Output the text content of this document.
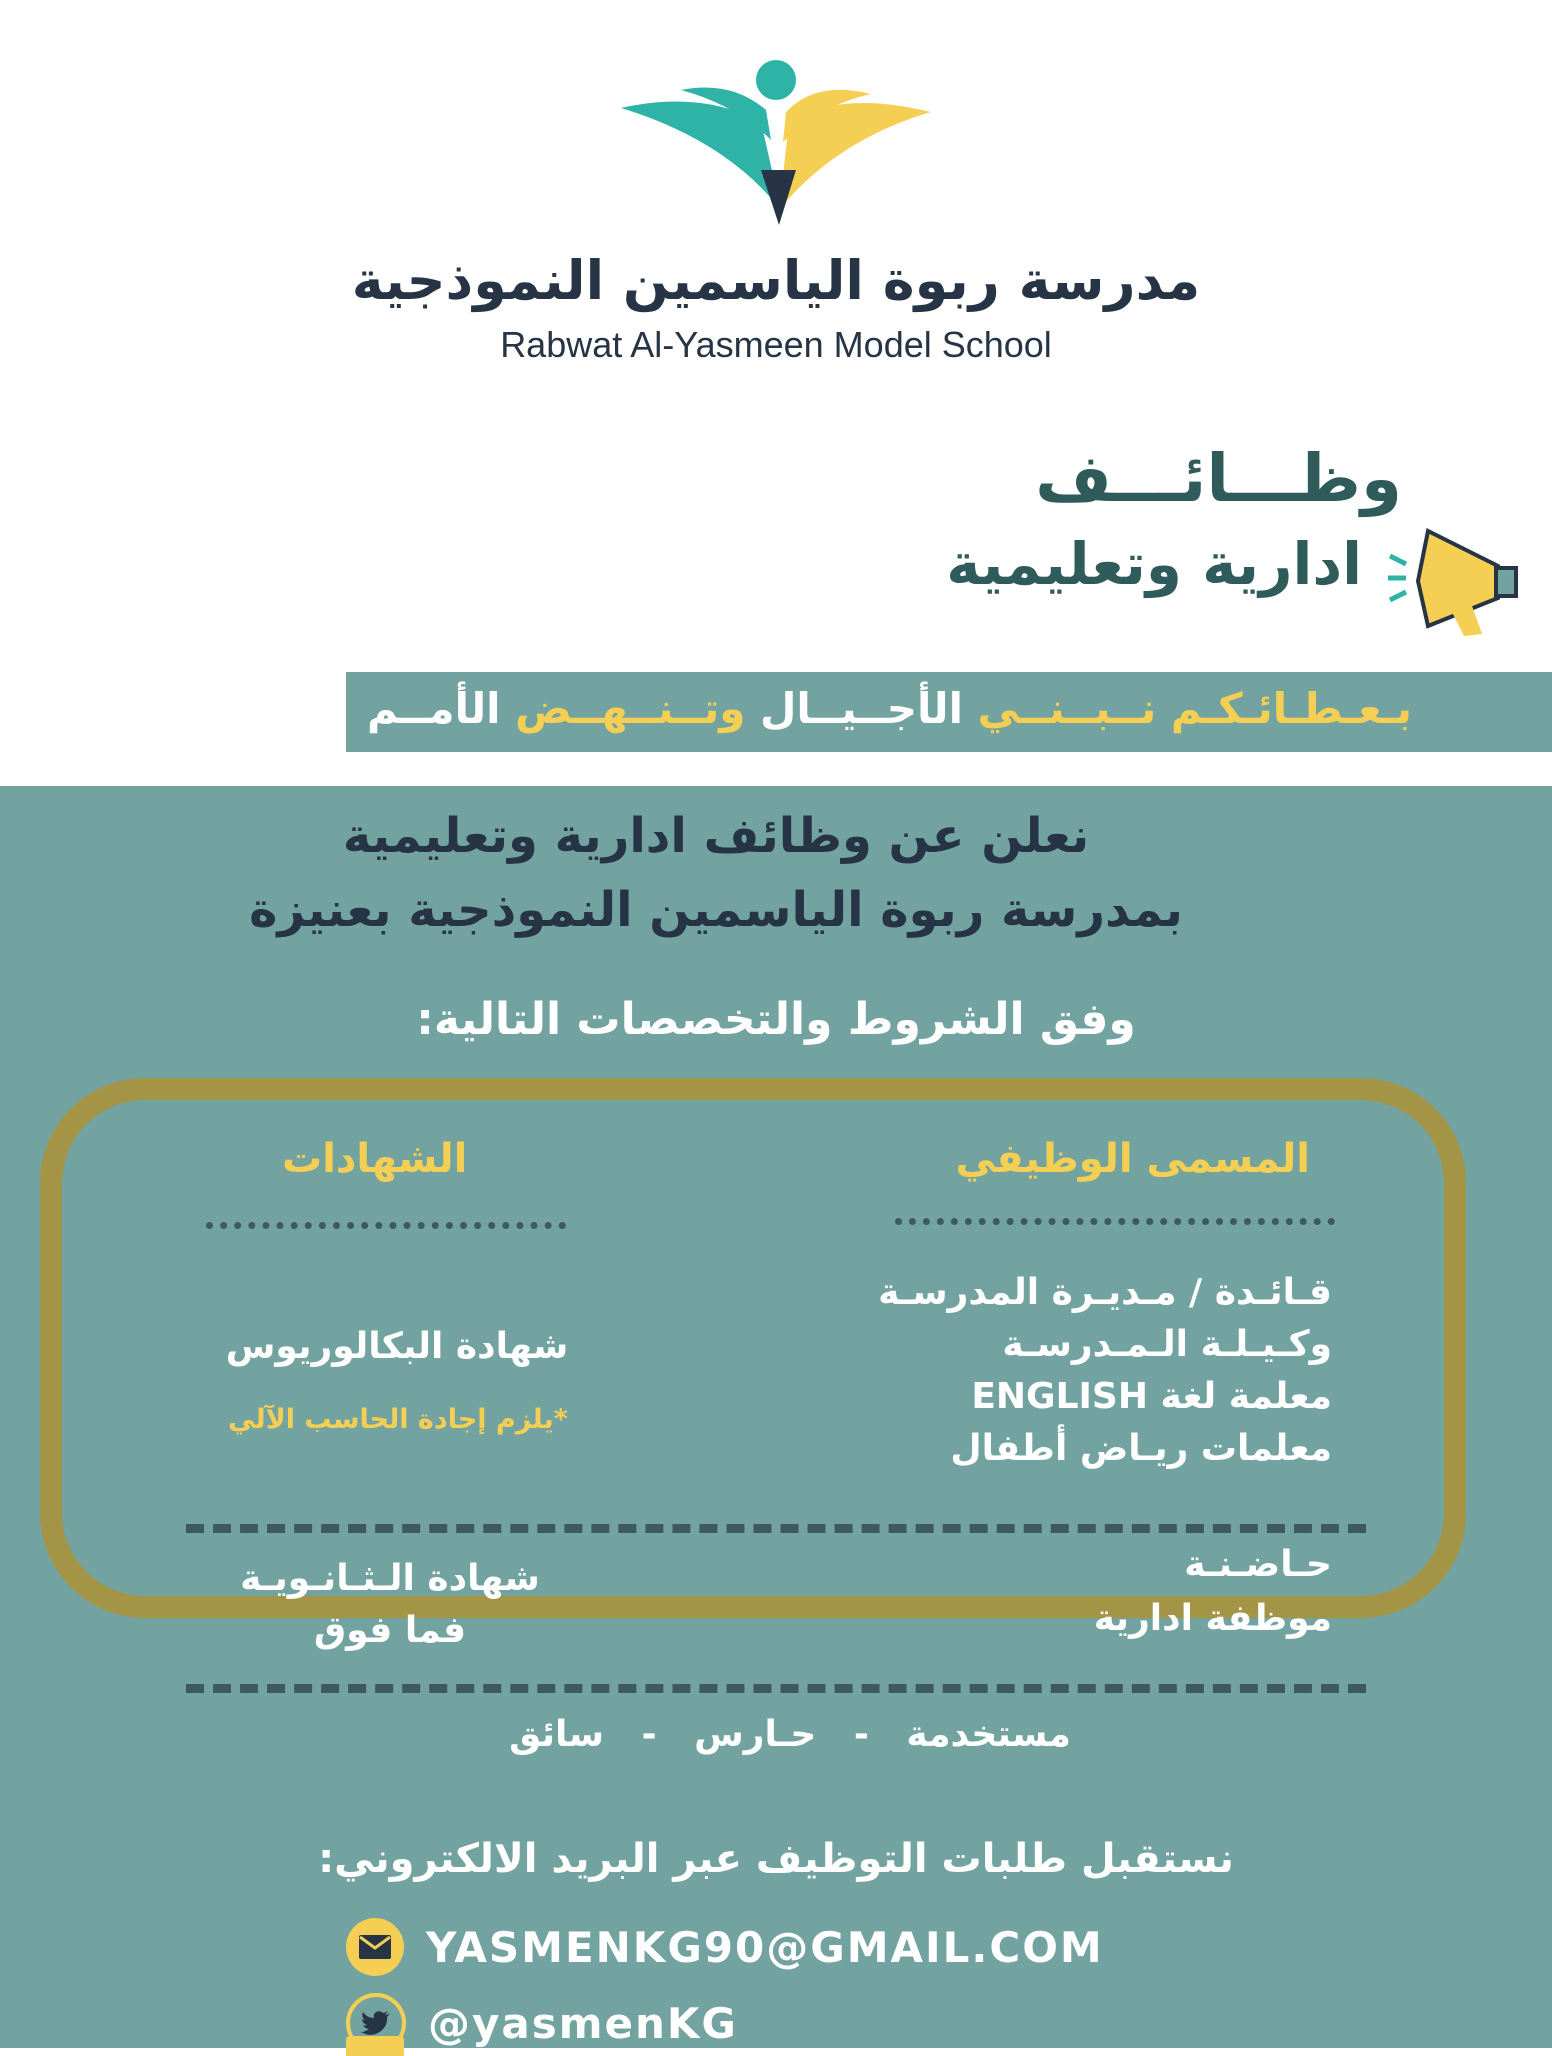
مدرسة ربوة الياسمين النموذجية
Rabwat Al-Yasmeen Model School
وظـــائـــف
ادارية وتعليمية
بـعـطـائـكـم نــبــنــي الأجــيــال وتــنــهــض الأمــم
نعلن عن وظائف ادارية وتعليمية
بمدرسة ربوة الياسمين النموذجية بعنيزة
وفق الشروط والتخصصات التالية:
المسمى الوظيفي
الشهادات
قـائـدة / مـديـرة المدرسـة
وكـيـلـة الـمـدرسـة
معلمة لغة ENGLISH
معلمات ريـاض أطفال
شهادة البكالوريوس
*يلزم إجادة الحاسب الآلي
حـاضـنـة
موظفة ادارية
شهادة الـثـانـويـة
فما فوق
مستخدمة   -   حـارس   -   سائق
نستقبل طلبات التوظيف عبر البريد الالكتروني:
YASMENKG90@GMAIL.COM
@yasmenKG
